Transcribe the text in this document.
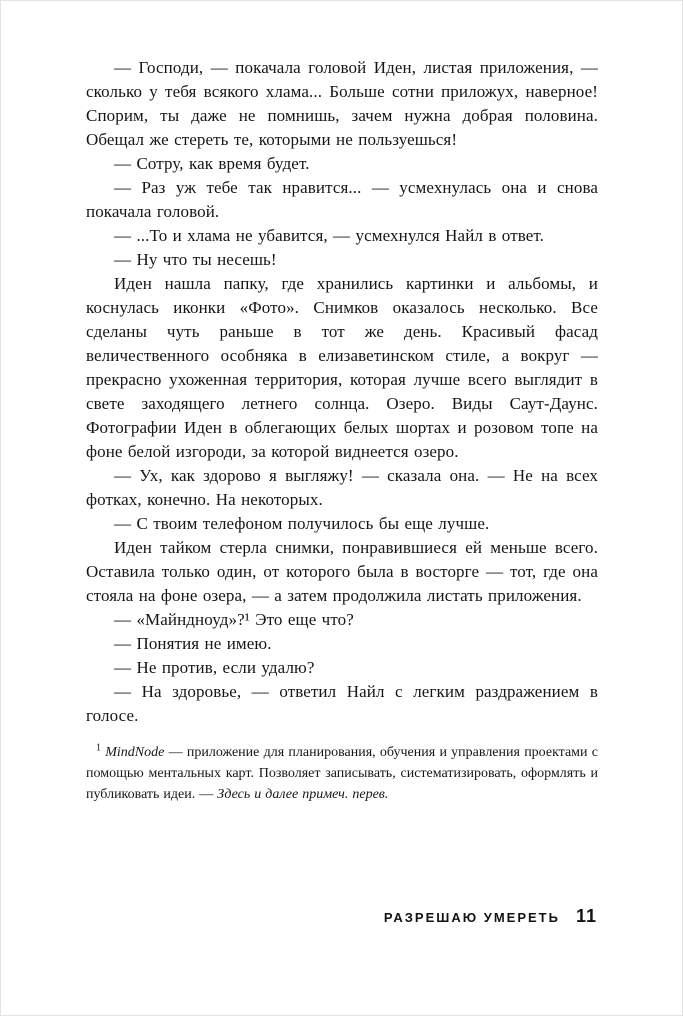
— Господи, — покачала головой Иден, листая приложения, — сколько у тебя всякого хлама... Больше сотни приложух, наверное! Спорим, ты даже не помнишь, зачем нужна добрая половина. Обещал же стереть те, которыми не пользуешься!

— Сотру, как время будет.

— Раз уж тебе так нравится... — усмехнулась она и снова покачала головой.

— ...То и хлама не убавится, — усмехнулся Найл в ответ.

— Ну что ты несешь!

Иден нашла папку, где хранились картинки и альбомы, и коснулась иконки «Фото». Снимков оказалось несколько. Все сделаны чуть раньше в тот же день. Красивый фасад величественного особняка в елизаветинском стиле, а вокруг — прекрасно ухоженная территория, которая лучше всего выглядит в свете заходящего летнего солнца. Озеро. Виды Саут-Даунс. Фотографии Иден в облегающих белых шортах и розовом топе на фоне белой изгороди, за которой виднеется озеро.

— Ух, как здорово я выгляжу! — сказала она. — Не на всех фотках, конечно. На некоторых.

— С твоим телефоном получилось бы еще лучше.

Иден тайком стерла снимки, понравившиеся ей меньше всего. Оставила только один, от которого была в восторге — тот, где она стояла на фоне озера, — а затем продолжила листать приложения.

— «Майндноуд»?¹ Это еще что?

— Понятия не имею.

— Не против, если удалю?

— На здоровье, — ответил Найл с легким раздражением в голосе.

$^1$ MindNode — приложение для планирования, обучения и управления проектами с помощью ментальных карт. Позволяет записывать, систематизировать, оформлять и публиковать идеи. — Здесь и далее примеч. перев.
РАЗРЕШАЮ УМЕРЕТЬ 11
